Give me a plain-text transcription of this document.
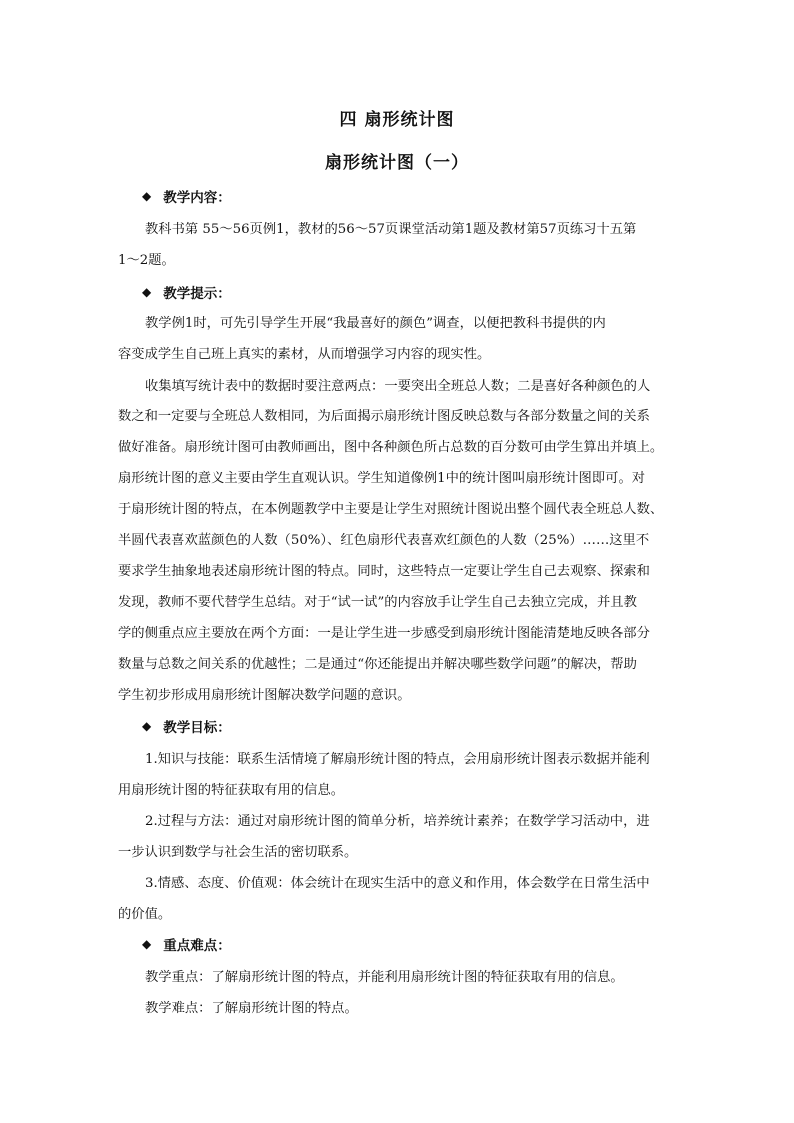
四 扇形统计图
扇形统计图（一）
◆ 教学内容：
教科书第 55～56页例1，教材的56～57页课堂活动第1题及教材第57页练习十五第
1～2题。
◆ 教学提示：
教学例1时，可先引导学生开展“我最喜好的颜色”调查，以便把教科书提供的内
容变成学生自己班上真实的素材，从而增强学习内容的现实性。
收集填写统计表中的数据时要注意两点：一要突出全班总人数；二是喜好各种颜色的人
数之和一定要与全班总人数相同，为后面揭示扇形统计图反映总数与各部分数量之间的关系
做好准备。扇形统计图可由教师画出，图中各种颜色所占总数的百分数可由学生算出并填上。
扇形统计图的意义主要由学生直观认识。学生知道像例1中的统计图叫扇形统计图即可。对
于扇形统计图的特点，在本例题教学中主要是让学生对照统计图说出整个圆代表全班总人数、
半圆代表喜欢蓝颜色的人数（50%）、红色扇形代表喜欢红颜色的人数（25%）……这里不
要求学生抽象地表述扇形统计图的特点。同时，这些特点一定要让学生自己去观察、探索和
发现，教师不要代替学生总结。对于“试一试”的内容放手让学生自己去独立完成，并且教
学的侧重点应主要放在两个方面：一是让学生进一步感受到扇形统计图能清楚地反映各部分
数量与总数之间关系的优越性；二是通过“你还能提出并解决哪些数学问题”的解决，帮助
学生初步形成用扇形统计图解决数学问题的意识。
◆ 教学目标：
1.知识与技能：联系生活情境了解扇形统计图的特点，会用扇形统计图表示数据并能利
用扇形统计图的特征获取有用的信息。
2.过程与方法：通过对扇形统计图的简单分析，培养统计素养；在数学学习活动中，进
一步认识到数学与社会生活的密切联系。
3.情感、态度、价值观：体会统计在现实生活中的意义和作用，体会数学在日常生活中
的价值。
◆ 重点难点：
教学重点：了解扇形统计图的特点，并能利用扇形统计图的特征获取有用的信息。
教学难点：了解扇形统计图的特点。
